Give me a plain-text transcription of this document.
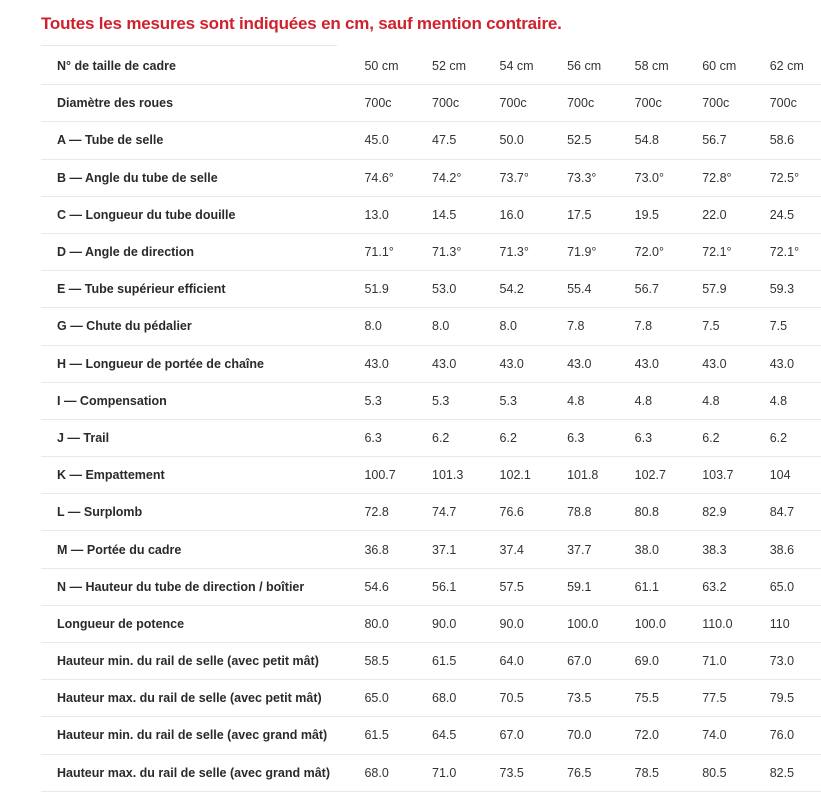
Toutes les mesures sont indiquées en cm, sauf mention contraire.
N° de taille de cadre	50 cm	52 cm	54 cm	56 cm	58 cm	60 cm	62 cm
Diamètre des roues	700c	700c	700c	700c	700c	700c	700c
A — Tube de selle	45.0	47.5	50.0	52.5	54.8	56.7	58.6
B — Angle du tube de selle	74.6°	74.2°	73.7°	73.3°	73.0°	72.8°	72.5°
C — Longueur du tube douille	13.0	14.5	16.0	17.5	19.5	22.0	24.5
D — Angle de direction	71.1°	71.3°	71.3°	71.9°	72.0°	72.1°	72.1°
E — Tube supérieur efficient	51.9	53.0	54.2	55.4	56.7	57.9	59.3
G — Chute du pédalier	8.0	8.0	8.0	7.8	7.8	7.5	7.5
H — Longueur de portée de chaîne	43.0	43.0	43.0	43.0	43.0	43.0	43.0
I — Compensation	5.3	5.3	5.3	4.8	4.8	4.8	4.8
J — Trail	6.3	6.2	6.2	6.3	6.3	6.2	6.2
K — Empattement	100.7	101.3	102.1	101.8	102.7	103.7	104
L — Surplomb	72.8	74.7	76.6	78.8	80.8	82.9	84.7
M — Portée du cadre	36.8	37.1	37.4	37.7	38.0	38.3	38.6
N — Hauteur du tube de direction / boîtier	54.6	56.1	57.5	59.1	61.1	63.2	65.0
Longueur de potence	80.0	90.0	90.0	100.0	100.0	110.0	110
Hauteur min. du rail de selle (avec petit mât)	58.5	61.5	64.0	67.0	69.0	71.0	73.0
Hauteur max. du rail de selle (avec petit mât)	65.0	68.0	70.5	73.5	75.5	77.5	79.5
Hauteur min. du rail de selle (avec grand mât)	61.5	64.5	67.0	70.0	72.0	74.0	76.0
Hauteur max. du rail de selle (avec grand mât)	68.0	71.0	73.5	76.5	78.5	80.5	82.5
